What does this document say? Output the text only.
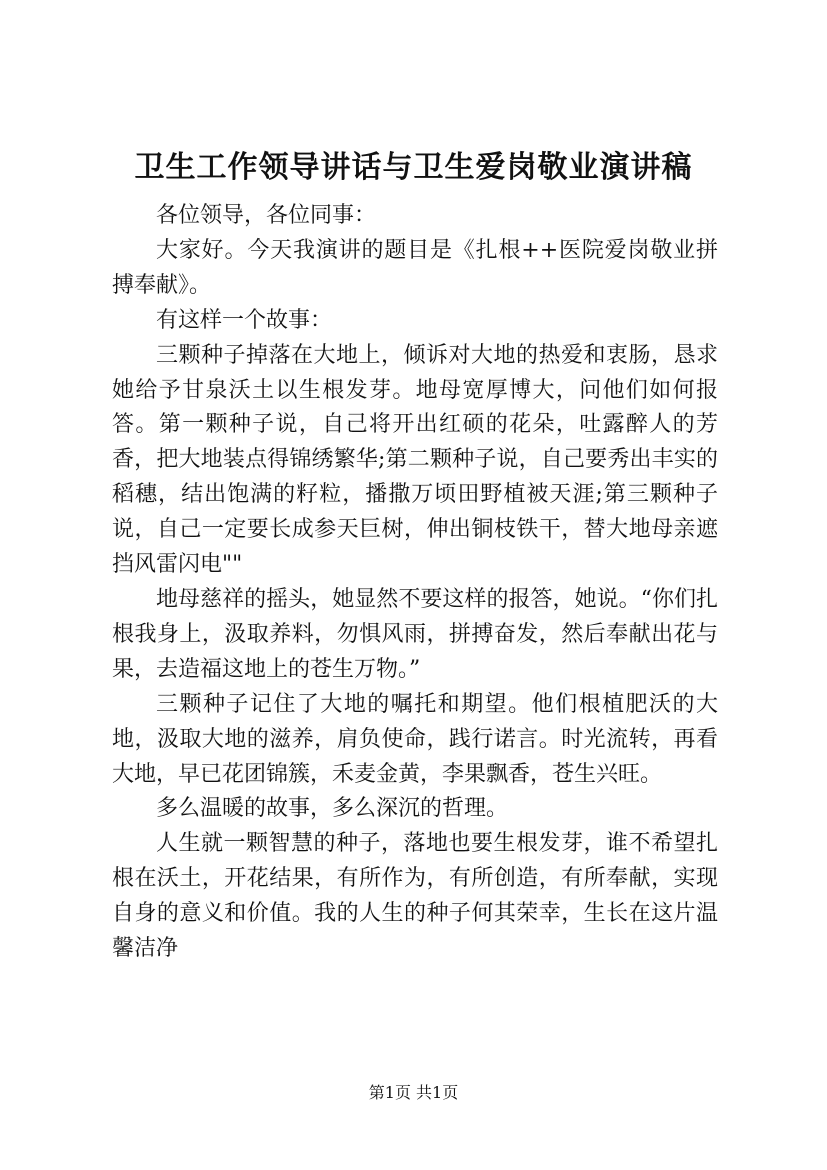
卫生工作领导讲话与卫生爱岗敬业演讲稿

各位领导，各位同事：

大家好。今天我演讲的题目是《扎根++医院爱岗敬业拼搏奉献》。

有这样一个故事：

三颗种子掉落在大地上，倾诉对大地的热爱和衷肠，恳求她给予甘泉沃土以生根发芽。地母宽厚博大，问他们如何报答。第一颗种子说，自己将开出红硕的花朵，吐露醉人的芳香，把大地装点得锦绣繁华;第二颗种子说，自己要秀出丰实的稻穗，结出饱满的籽粒，播撒万顷田野植被天涯;第三颗种子说，自己一定要长成参天巨树，伸出铜枝铁干，替大地母亲遮挡风雷闪电""

地母慈祥的摇头，她显然不要这样的报答，她说。“你们扎根我身上，汲取养料，勿惧风雨，拼搏奋发，然后奉献出花与果，去造福这地上的苍生万物。”

三颗种子记住了大地的嘱托和期望。他们根植肥沃的大地，汲取大地的滋养，肩负使命，践行诺言。时光流转，再看大地，早已花团锦簇，禾麦金黄，李果飘香，苍生兴旺。

多么温暖的故事，多么深沉的哲理。

人生就一颗智慧的种子，落地也要生根发芽，谁不希望扎根在沃土，开花结果，有所作为，有所创造，有所奉献，实现自身的意义和价值。我的人生的种子何其荣幸，生长在这片温馨洁净

第1页 共1页
